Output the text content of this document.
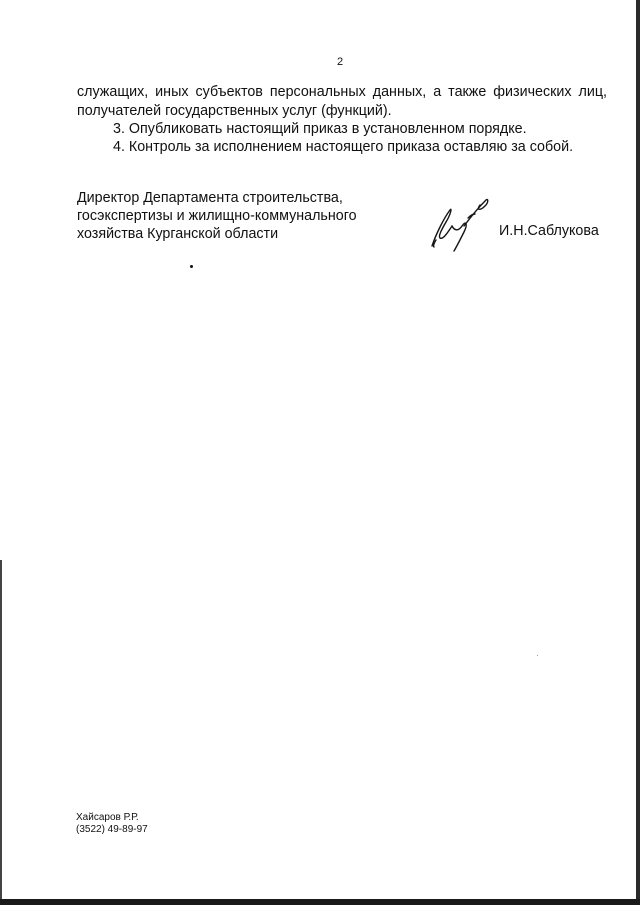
2
служащих, иных субъектов персональных данных, а также физических лиц,
получателей государственных услуг (функций).
3. Опубликовать настоящий приказ в установленном порядке.
4. Контроль за исполнением настоящего приказа оставляю за собой.
Директор Департамента строительства,
госэкспертизы и жилищно-коммунального
хозяйства Курганской области	И.Н.Саблукова
Хайсаров Р.Р.
(3522) 49-89-97
